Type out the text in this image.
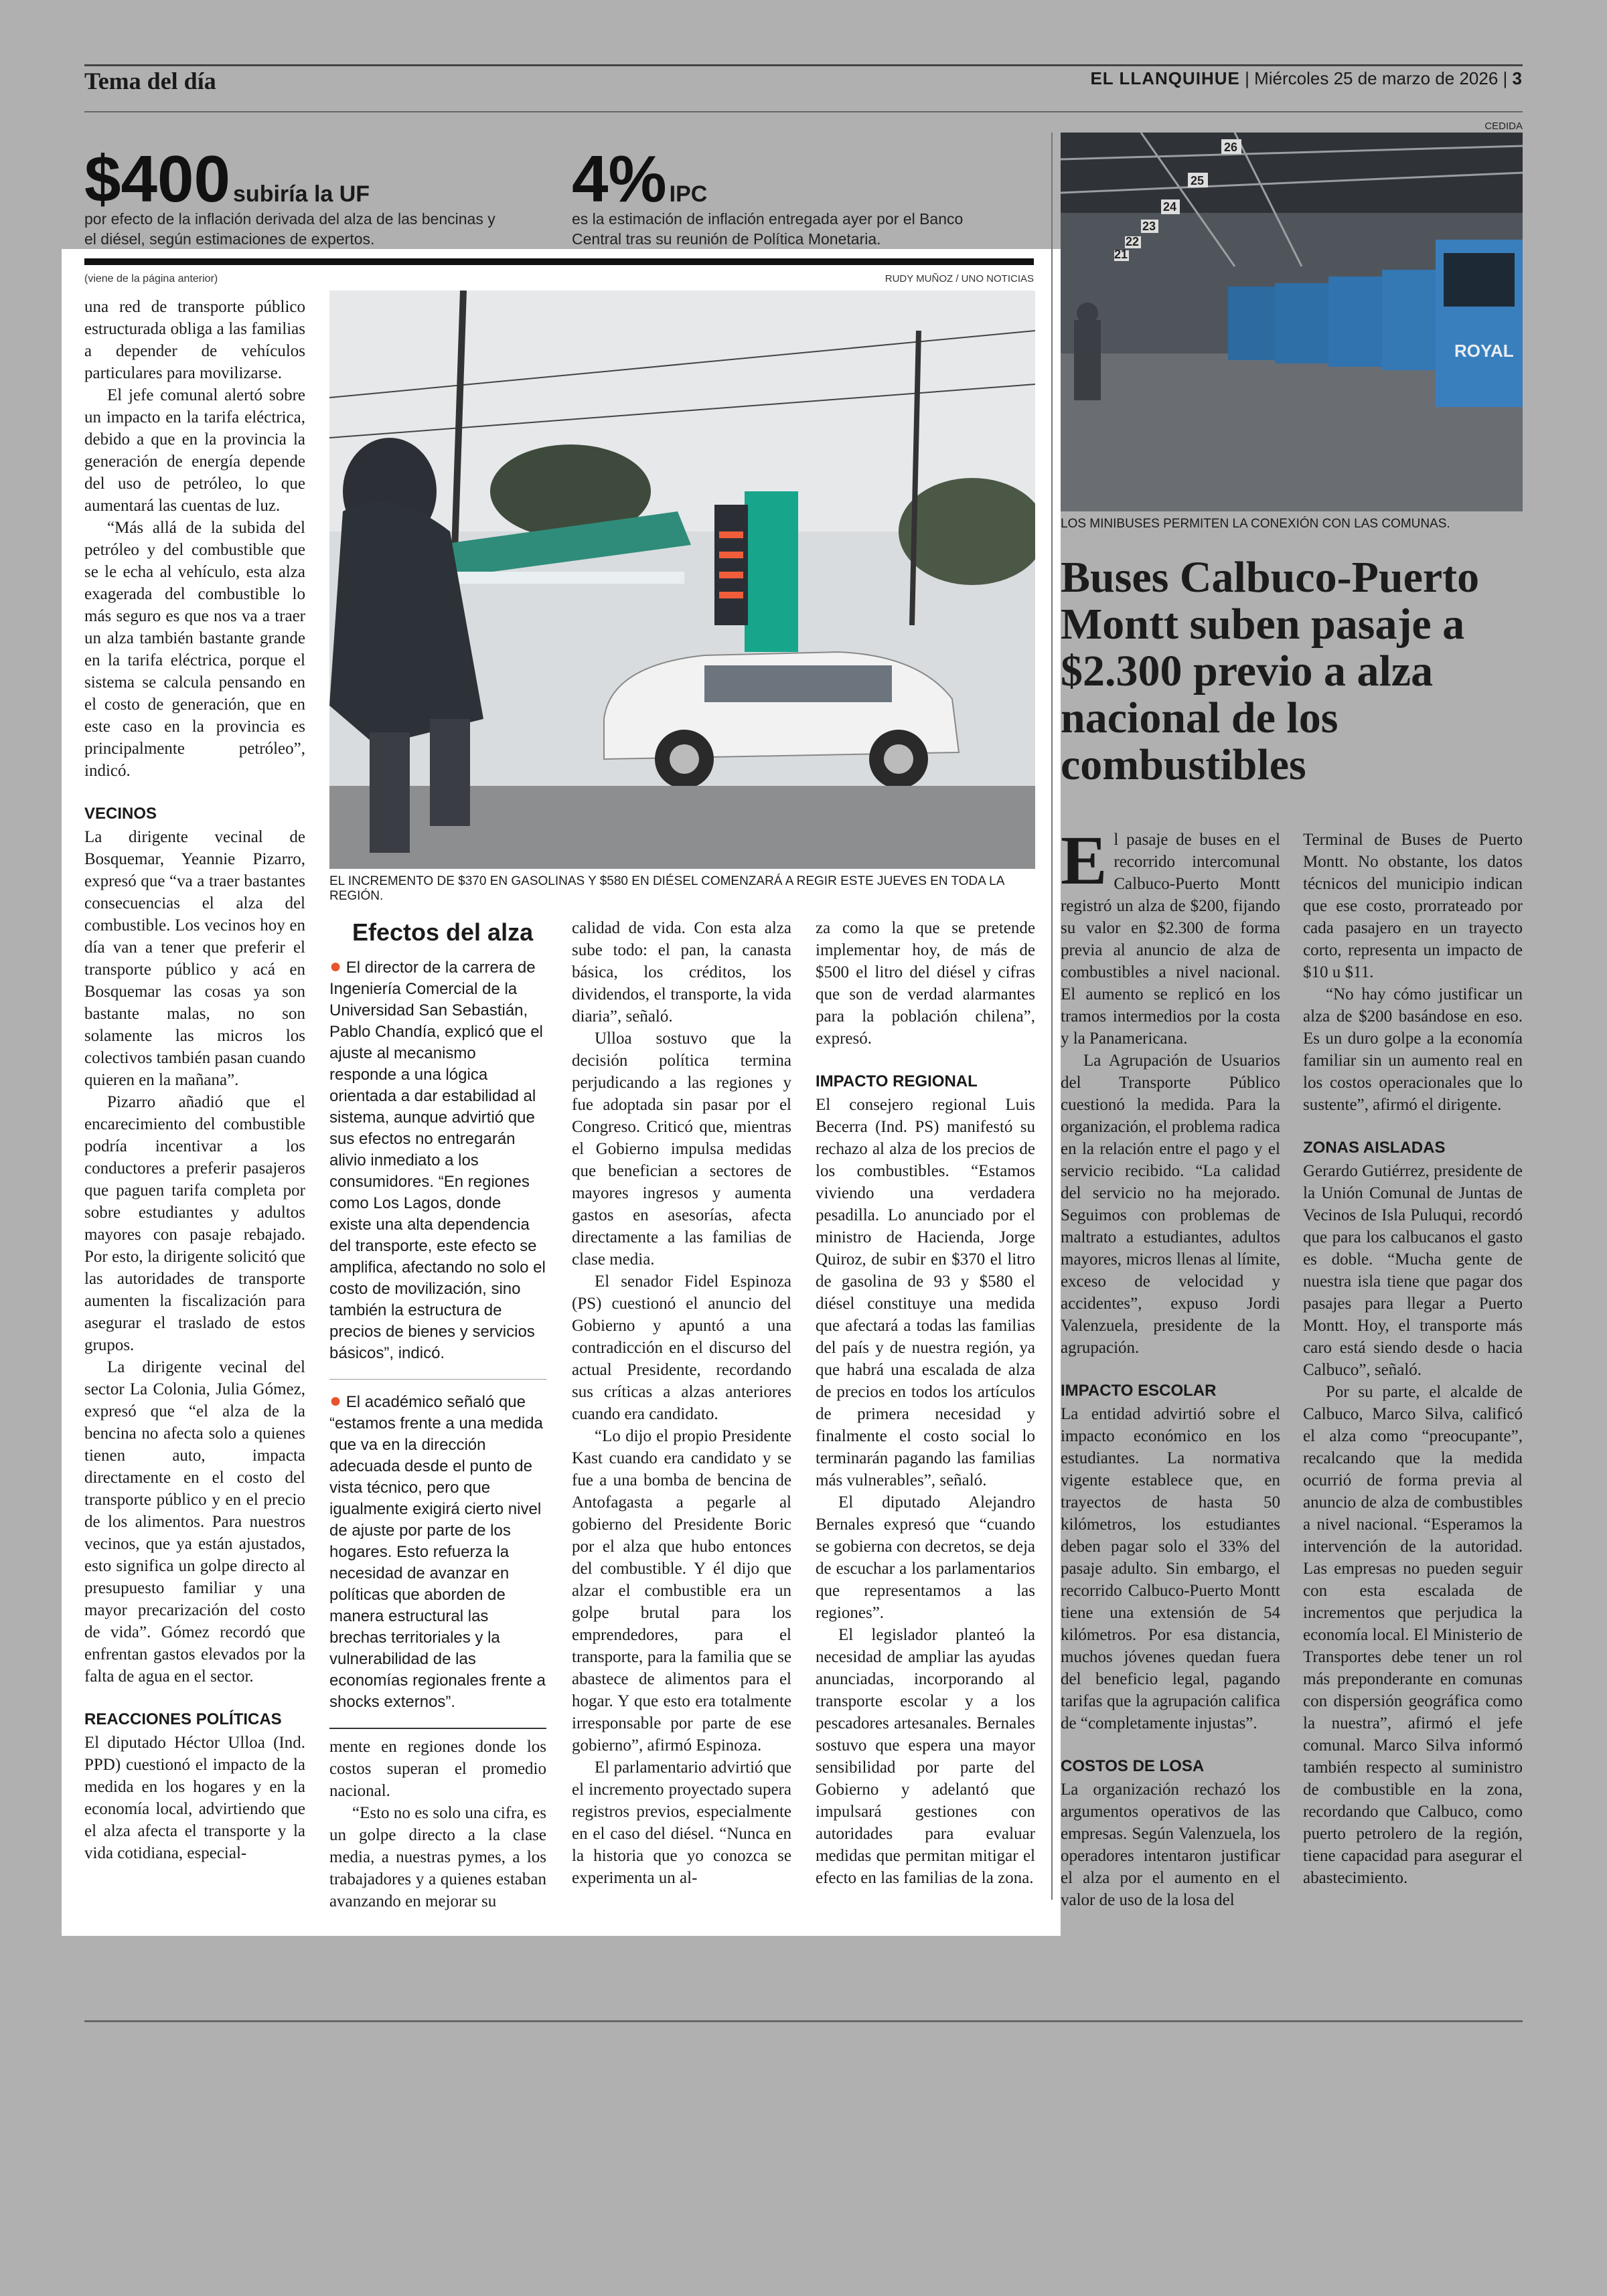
Tema del día	EL LLANQUIHUE | Miércoles 25 de marzo de 2026 | 3
$400 subiría la UF
por efecto de la inflación derivada del alza de las bencinas y el diésel, según estimaciones de expertos.
4% IPC
es la estimación de inflación entregada ayer por el Banco Central tras su reunión de Política Monetaria.
(viene de la página anterior)	RUDY MUÑOZ / UNO NOTICIAS
EL INCREMENTO DE $370 EN GASOLINAS Y $580 EN DIÉSEL COMENZARÁ A REGIR ESTE JUEVES EN TODA LA REGIÓN.

una red de transporte público estructurada obliga a las familias a depender de vehículos particulares para movilizarse.

El jefe comunal alertó sobre un impacto en la tarifa eléctrica, debido a que en la provincia la generación de energía depende del uso de petróleo, lo que aumentará las cuentas de luz.

“Más allá de la subida del petróleo y del combustible que se le echa al vehículo, esta alza exagerada del combustible lo más seguro es que nos va a traer un alza también bastante grande en la tarifa eléctrica, porque el sistema se calcula pensando en el costo de generación, que en este caso en la provincia es principalmente petróleo”, indicó.

VECINOS

La dirigente vecinal de Bosquemar, Yeannie Pizarro, expresó que “va a traer bastantes consecuencias el alza del combustible. Los vecinos hoy en día van a tener que preferir el transporte público y acá en Bosquemar las cosas ya son bastante malas, no son solamente las micros los colectivos también pasan cuando quieren en la mañana”.

Pizarro añadió que el encarecimiento del combustible podría incentivar a los conductores a preferir pasajeros que paguen tarifa completa por sobre estudiantes y adultos mayores con pasaje rebajado. Por esto, la dirigente solicitó que las autoridades de transporte aumenten la fiscalización para asegurar el traslado de estos grupos.

La dirigente vecinal del sector La Colonia, Julia Gómez, expresó que “el alza de la bencina no afecta solo a quienes tienen auto, impacta directamente en el costo del transporte público y en el precio de los alimentos. Para nuestros vecinos, que ya están ajustados, esto significa un golpe directo al presupuesto familiar y una mayor precarización del costo de vida”. Gómez recordó que enfrentan gastos elevados por la falta de agua en el sector.

REACCIONES POLÍTICAS

El diputado Héctor Ulloa (Ind. PPD) cuestionó el impacto de la medida en los hogares y en la economía local, advirtiendo que el alza afecta el transporte y la vida cotidiana, especial-

Efectos del alza
● El director de la carrera de Ingeniería Comercial de la Universidad San Sebastián, Pablo Chandía, explicó que el ajuste al mecanismo responde a una lógica orientada a dar estabilidad al sistema, aunque advirtió que sus efectos no entregarán alivio inmediato a los consumidores. “En regiones como Los Lagos, donde existe una alta dependencia del transporte, este efecto se amplifica, afectando no solo el costo de movilización, sino también la estructura de precios de bienes y servicios básicos”, indicó.
● El académico señaló que “estamos frente a una medida que va en la dirección adecuada desde el punto de vista técnico, pero que igualmente exigirá cierto nivel de ajuste por parte de los hogares. Esto refuerza la necesidad de avanzar en políticas que aborden de manera estructural las brechas territoriales y la vulnerabilidad de las economías regionales frente a shocks externos”.

mente en regiones donde los costos superan el promedio nacional.

“Esto no es solo una cifra, es un golpe directo a la clase media, a nuestras pymes, a los trabajadores y a quienes estaban avanzando en mejorar su

calidad de vida. Con esta alza sube todo: el pan, la canasta básica, los créditos, los dividendos, el transporte, la vida diaria”, señaló.

Ulloa sostuvo que la decisión política termina perjudicando a las regiones y fue adoptada sin pasar por el Congreso. Criticó que, mientras el Gobierno impulsa medidas que benefician a sectores de mayores ingresos y aumenta gastos en asesorías, afecta directamente a las familias de clase media.

El senador Fidel Espinoza (PS) cuestionó el anuncio del Gobierno y apuntó a una contradicción en el discurso del actual Presidente, recordando sus críticas a alzas anteriores cuando era candidato.

“Lo dijo el propio Presidente Kast cuando era candidato y se fue a una bomba de bencina de Antofagasta a pegarle al gobierno del Presidente Boric por el alza que hubo entonces del combustible. Y él dijo que alzar el combustible era un golpe brutal para los emprendedores, para el transporte, para la familia que se abastece de alimentos para el hogar. Y que esto era totalmente irresponsable por parte de ese gobierno”, afirmó Espinoza.

El parlamentario advirtió que el incremento proyectado supera registros previos, especialmente en el caso del diésel. “Nunca en la historia que yo conozca se experimenta un al-

za como la que se pretende implementar hoy, de más de $500 el litro del diésel y cifras que son de verdad alarmantes para la población chilena”, expresó.

IMPACTO REGIONAL

El consejero regional Luis Becerra (Ind. PS) manifestó su rechazo al alza de los precios de los combustibles. “Estamos viviendo una verdadera pesadilla. Lo anunciado por el ministro de Hacienda, Jorge Quiroz, de subir en $370 el litro de gasolina de 93 y $580 el diésel constituye una medida que afectará a todas las familias del país y de nuestra región, ya que habrá una escalada de alza de precios en todos los artículos de primera necesidad y finalmente el costo social lo terminarán pagando las familias más vulnerables”, señaló.

El diputado Alejandro Bernales expresó que “cuando se gobierna con decretos, se deja de escuchar a los parlamentarios que representamos a las regiones”.

El legislador planteó la necesidad de ampliar las ayudas anunciadas, incorporando al transporte escolar y a los pescadores artesanales. Bernales sostuvo que espera una mayor sensibilidad por parte del Gobierno y adelantó que impulsará gestiones con autoridades para evaluar medidas que permitan mitigar el efecto en las familias de la zona.

CEDIDA
26
25
24
23
22
21
ROYAL
LOS MINIBUSES PERMITEN LA CONEXIÓN CON LAS COMUNAS.
Buses Calbuco-Puerto Montt suben pasaje a $2.300 previo a alza nacional de los combustibles
El pasaje de buses en el recorrido intercomunal Calbuco-Puerto Montt registró un alza de $200, fijando su valor en $2.300 de forma previa al anuncio de alza de combustibles a nivel nacional. El aumento se replicó en los tramos intermedios por la costa y la Panamericana.

La Agrupación de Usuarios del Transporte Público cuestionó la medida. Para la organización, el problema radica en la relación entre el pago y el servicio recibido. “La calidad del servicio no ha mejorado. Seguimos con problemas de maltrato a estudiantes, adultos mayores, micros llenas al límite, exceso de velocidad y accidentes”, expuso Jordi Valenzuela, presidente de la agrupación.

IMPACTO ESCOLAR

La entidad advirtió sobre el impacto económico en los estudiantes. La normativa vigente establece que, en trayectos de hasta 50 kilómetros, los estudiantes deben pagar solo el 33% del pasaje adulto. Sin embargo, el recorrido Calbuco-Puerto Montt tiene una extensión de 54 kilómetros. Por esa distancia, muchos jóvenes quedan fuera del beneficio legal, pagando tarifas que la agrupación califica de “completamente injustas”.

COSTOS DE LOSA

La organización rechazó los argumentos operativos de las empresas. Según Valenzuela, los operadores intentaron justificar el alza por el aumento en el valor de uso de la losa del

Terminal de Buses de Puerto Montt. No obstante, los datos técnicos del municipio indican que ese costo, prorrateado por cada pasajero en un trayecto corto, representa un impacto de $10 u $11.

“No hay cómo justificar un alza de $200 basándose en eso. Es un duro golpe a la economía familiar sin un aumento real en los costos operacionales que lo sustente”, afirmó el dirigente.

ZONAS AISLADAS

Gerardo Gutiérrez, presidente de la Unión Comunal de Juntas de Vecinos de Isla Puluqui, recordó que para los calbucanos el gasto es doble. “Mucha gente de nuestra isla tiene que pagar dos pasajes para llegar a Puerto Montt. Hoy, el transporte más caro está siendo desde o hacia Calbuco”, señaló.

Por su parte, el alcalde de Calbuco, Marco Silva, calificó el alza como “preocupante”, recalcando que la medida ocurrió de forma previa al anuncio de alza de combustibles a nivel nacional. “Esperamos la intervención de la autoridad. Las empresas no pueden seguir con esta escalada de incrementos que perjudica la economía local. El Ministerio de Transportes debe tener un rol más preponderante en comunas con dispersión geográfica como la nuestra”, afirmó el jefe comunal. Marco Silva informó también respecto al suministro de combustible en la zona, recordando que Calbuco, como puerto petrolero de la región, tiene capacidad para asegurar el abastecimiento.
